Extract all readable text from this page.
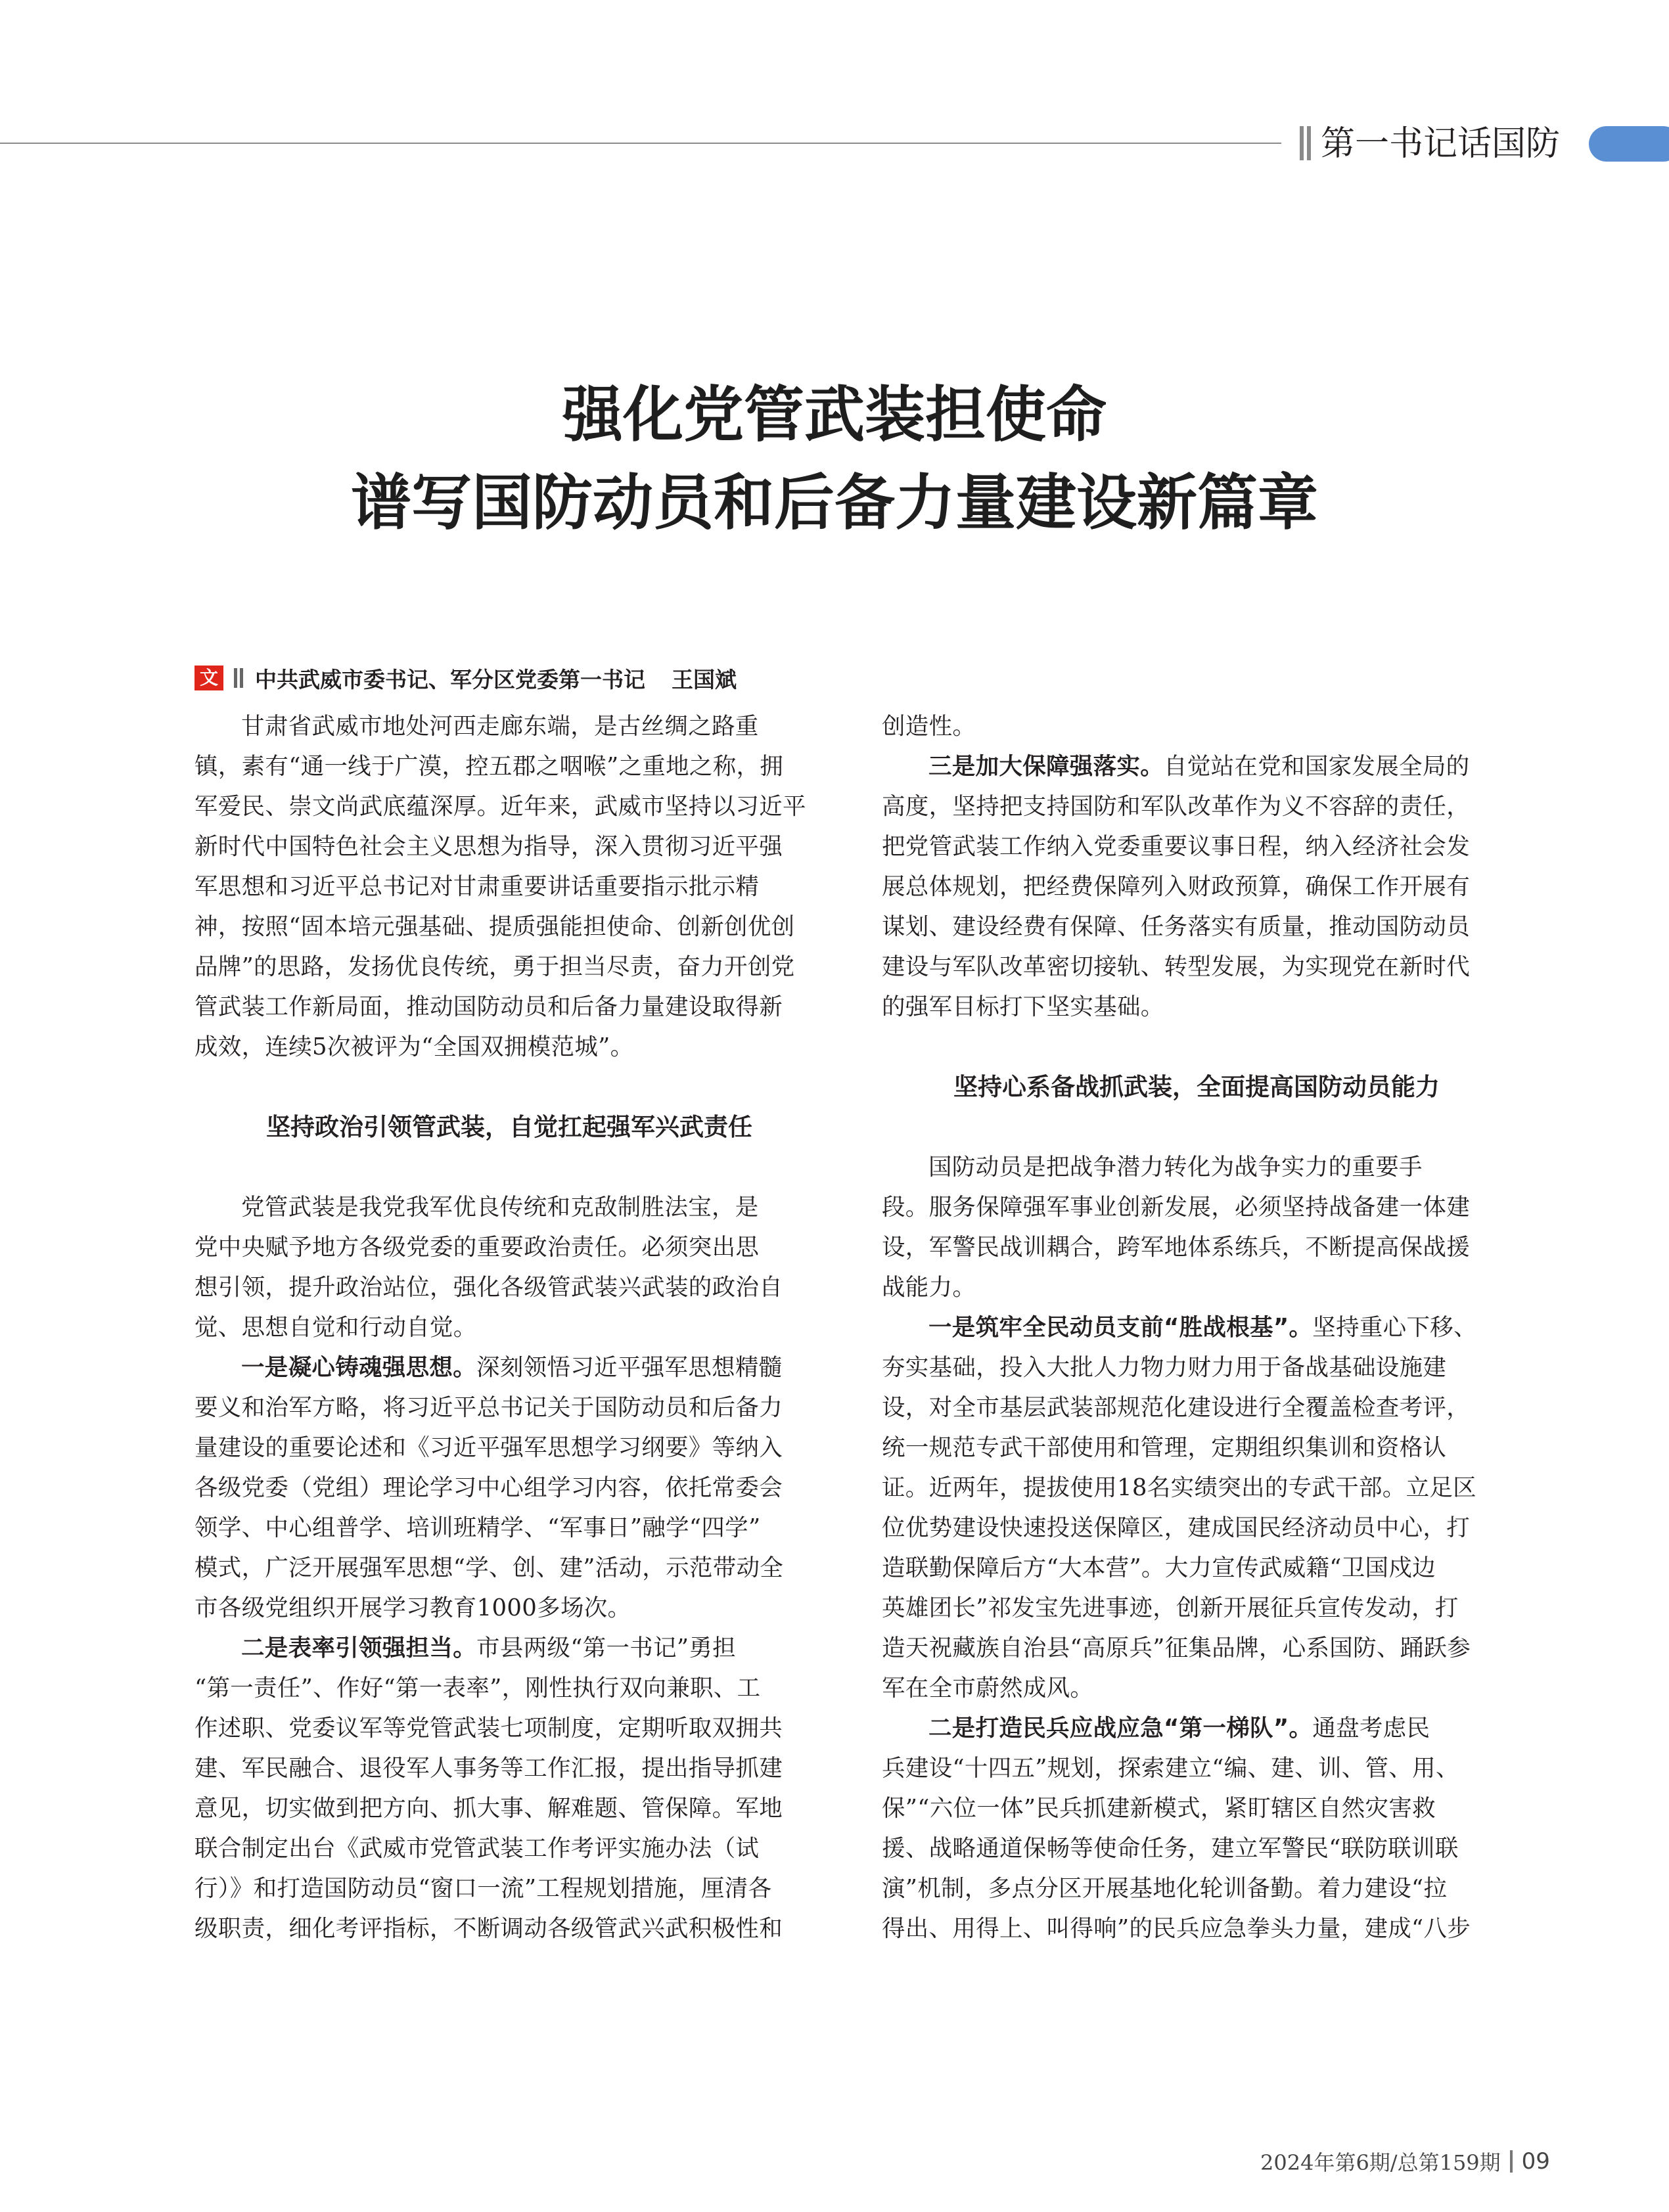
第一书记话国防
强化党管武装担使命
谱写国防动员和后备力量建设新篇章
文 中共武威市委书记、军分区党委第一书记 王国斌

甘肃省武威市地处河西走廊东端，是古丝绸之路重

镇，素有“通一线于广漠，控五郡之咽喉”之重地之称，拥

军爱民、崇文尚武底蕴深厚。近年来，武威市坚持以习近平

新时代中国特色社会主义思想为指导，深入贯彻习近平强

军思想和习近平总书记对甘肃重要讲话重要指示批示精

神，按照“固本培元强基础、提质强能担使命、创新创优创

品牌”的思路，发扬优良传统，勇于担当尽责，奋力开创党

管武装工作新局面，推动国防动员和后备力量建设取得新

成效，连续5次被评为“全国双拥模范城”。

坚持政治引领管武装，自觉扛起强军兴武责任

党管武装是我党我军优良传统和克敌制胜法宝，是

党中央赋予地方各级党委的重要政治责任。必须突出思

想引领，提升政治站位，强化各级管武装兴武装的政治自

觉、思想自觉和行动自觉。

一是凝心铸魂强思想。深刻领悟习近平强军思想精髓

要义和治军方略，将习近平总书记关于国防动员和后备力

量建设的重要论述和《习近平强军思想学习纲要》等纳入

各级党委（党组）理论学习中心组学习内容，依托常委会

领学、中心组普学、培训班精学、“军事日”融学“四学”

模式，广泛开展强军思想“学、创、建”活动，示范带动全

市各级党组织开展学习教育1000多场次。

二是表率引领强担当。市县两级“第一书记”勇担

“第一责任”、作好“第一表率”，刚性执行双向兼职、工

作述职、党委议军等党管武装七项制度，定期听取双拥共

建、军民融合、退役军人事务等工作汇报，提出指导抓建

意见，切实做到把方向、抓大事、解难题、管保障。军地

联合制定出台《武威市党管武装工作考评实施办法（试

行）》和打造国防动员“窗口一流”工程规划措施，厘清各

级职责，细化考评指标，不断调动各级管武兴武积极性和

创造性。

三是加大保障强落实。自觉站在党和国家发展全局的

高度，坚持把支持国防和军队改革作为义不容辞的责任，

把党管武装工作纳入党委重要议事日程，纳入经济社会发

展总体规划，把经费保障列入财政预算，确保工作开展有

谋划、建设经费有保障、任务落实有质量，推动国防动员

建设与军队改革密切接轨、转型发展，为实现党在新时代

的强军目标打下坚实基础。

坚持心系备战抓武装，全面提高国防动员能力

国防动员是把战争潜力转化为战争实力的重要手

段。服务保障强军事业创新发展，必须坚持战备建一体建

设，军警民战训耦合，跨军地体系练兵，不断提高保战援

战能力。

一是筑牢全民动员支前“胜战根基”。坚持重心下移、

夯实基础，投入大批人力物力财力用于备战基础设施建

设，对全市基层武装部规范化建设进行全覆盖检查考评，

统一规范专武干部使用和管理，定期组织集训和资格认

证。近两年，提拔使用18名实绩突出的专武干部。立足区

位优势建设快速投送保障区，建成国民经济动员中心，打

造联勤保障后方“大本营”。大力宣传武威籍“卫国戍边

英雄团长”祁发宝先进事迹，创新开展征兵宣传发动，打

造天祝藏族自治县“高原兵”征集品牌，心系国防、踊跃参

军在全市蔚然成风。

二是打造民兵应战应急“第一梯队”。通盘考虑民

兵建设“十四五”规划，探索建立“编、建、训、管、用、

保”“六位一体”民兵抓建新模式，紧盯辖区自然灾害救

援、战略通道保畅等使命任务，建立军警民“联防联训联

演”机制，多点分区开展基地化轮训备勤。着力建设“拉

得出、用得上、叫得响”的民兵应急拳头力量，建成“八步

2024年第6期/总第159期 09
